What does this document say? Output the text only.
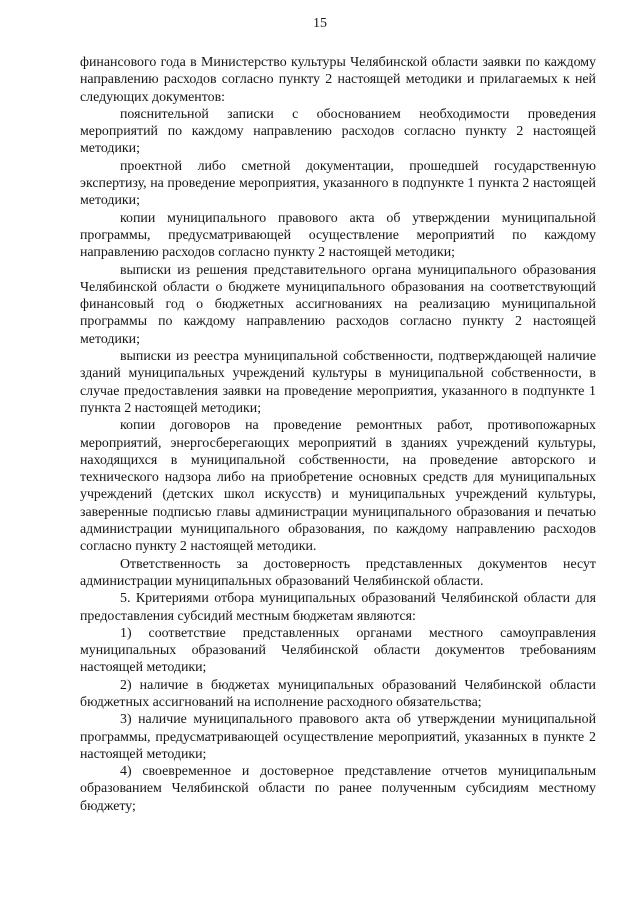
15

финансового года в Министерство культуры Челябинской области заявки по каждому направлению расходов согласно пункту 2 настоящей методики и прилагаемых к ней следующих документов:

пояснительной записки с обоснованием необходимости проведения мероприятий по каждому направлению расходов согласно пункту 2 настоящей методики;

проектной либо сметной документации, прошедшей государственную экспертизу, на проведение мероприятия, указанного в подпункте 1 пункта 2 настоящей методики;

копии муниципального правового акта об утверждении муниципальной программы, предусматривающей осуществление мероприятий по каждому направлению расходов согласно пункту 2 настоящей методики;

выписки из решения представительного органа муниципального образования Челябинской области о бюджете муниципального образования на соответствующий финансовый год о бюджетных ассигнованиях на реализацию муниципальной программы по каждому направлению расходов согласно пункту 2 настоящей методики;

выписки из реестра муниципальной собственности, подтверждающей наличие зданий муниципальных учреждений культуры в муниципальной собственности, в случае предоставления заявки на проведение мероприятия, указанного в подпункте 1 пункта 2 настоящей методики;

копии договоров на проведение ремонтных работ, противопожарных мероприятий, энергосберегающих мероприятий в зданиях учреждений культуры, находящихся в муниципальной собственности, на проведение авторского и технического надзора либо на приобретение основных средств для муниципальных учреждений (детских школ искусств) и муниципальных учреждений культуры, заверенные подписью главы администрации муниципального образования и печатью администрации муниципального образования, по каждому направлению расходов согласно пункту 2 настоящей методики.

Ответственность за достоверность представленных документов несут администрации муниципальных образований Челябинской области.

5. Критериями отбора муниципальных образований Челябинской области для предоставления субсидий местным бюджетам являются:

1) соответствие представленных органами местного самоуправления муниципальных образований Челябинской области документов требованиям настоящей методики;

2) наличие в бюджетах муниципальных образований Челябинской области бюджетных ассигнований на исполнение расходного обязательства;

3) наличие муниципального правового акта об утверждении муниципальной программы, предусматривающей осуществление мероприятий, указанных в пункте 2 настоящей методики;

4) своевременное и достоверное представление отчетов муниципальным образованием Челябинской области по ранее полученным субсидиям местному бюджету;
